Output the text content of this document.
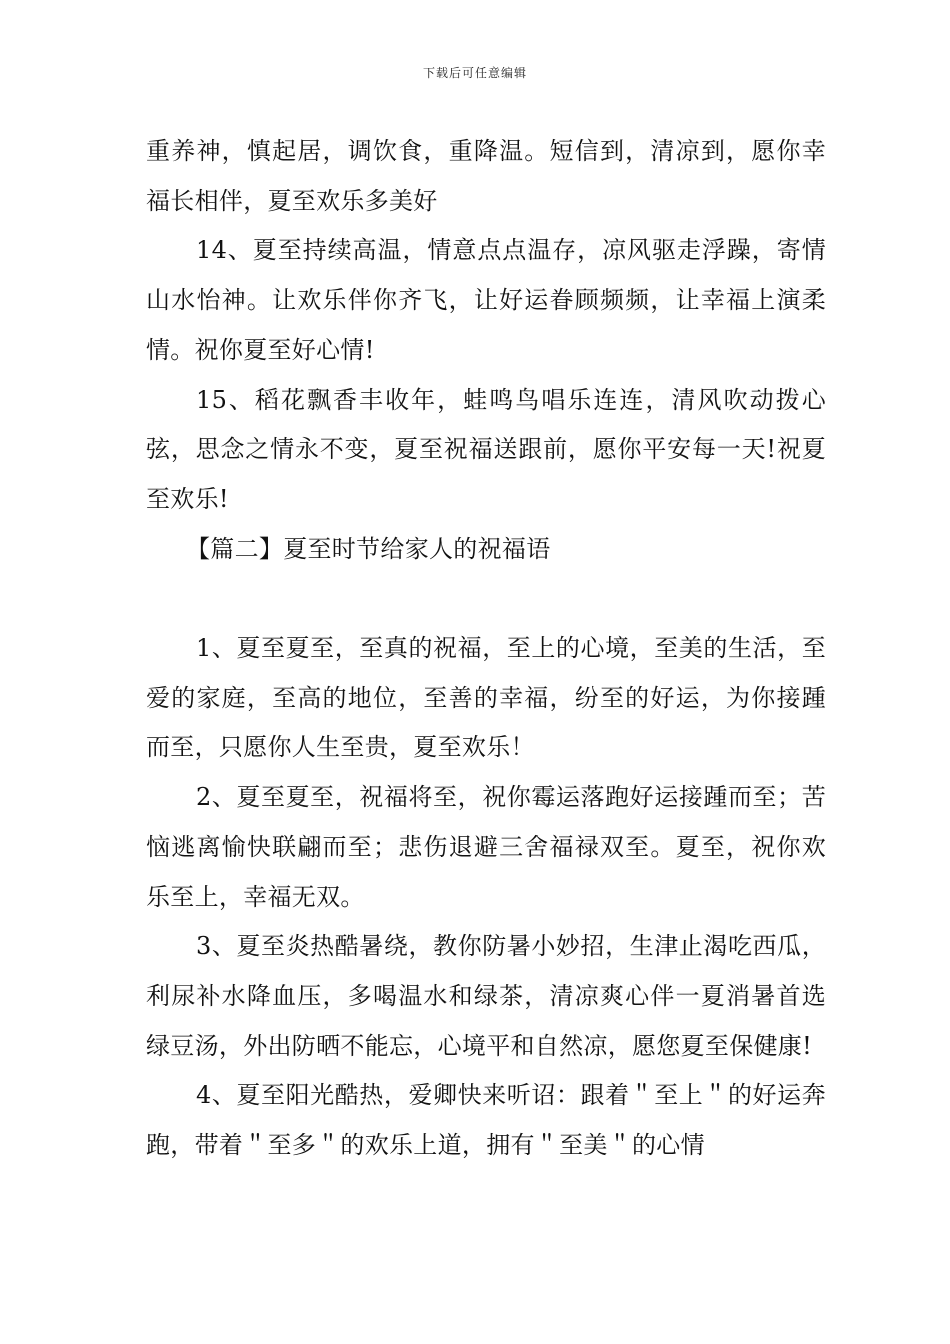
下载后可任意编辑

重养神，慎起居，调饮食，重降温。短信到，清凉到，愿你幸福长相伴，夏至欢乐多美好

14、夏至持续高温，情意点点温存，凉风驱走浮躁，寄情山水怡神。让欢乐伴你齐飞，让好运眷顾频频，让幸福上演柔情。祝你夏至好心情!

15、稻花飘香丰收年，蛙鸣鸟唱乐连连，清风吹动拨心弦，思念之情永不变，夏至祝福送跟前，愿你平安每一天!祝夏至欢乐!

【篇二】夏至时节给家人的祝福语

1、夏至夏至，至真的祝福，至上的心境，至美的生活，至爱的家庭，至高的地位，至善的幸福，纷至的好运，为你接踵而至，只愿你人生至贵，夏至欢乐！

2、夏至夏至，祝福将至，祝你霉运落跑好运接踵而至；苦恼逃离愉快联翩而至；悲伤退避三舍福禄双至。夏至，祝你欢乐至上，幸福无双。

3、夏至炎热酷暑绕，教你防暑小妙招，生津止渴吃西瓜，利尿补水降血压，多喝温水和绿茶，清凉爽心伴一夏消暑首选绿豆汤，外出防晒不能忘，心境平和自然凉，愿您夏至保健康!

4、夏至阳光酷热，爱卿快来听诏：跟着＂至上＂的好运奔跑，带着＂至多＂的欢乐上道，拥有＂至美＂的心情
